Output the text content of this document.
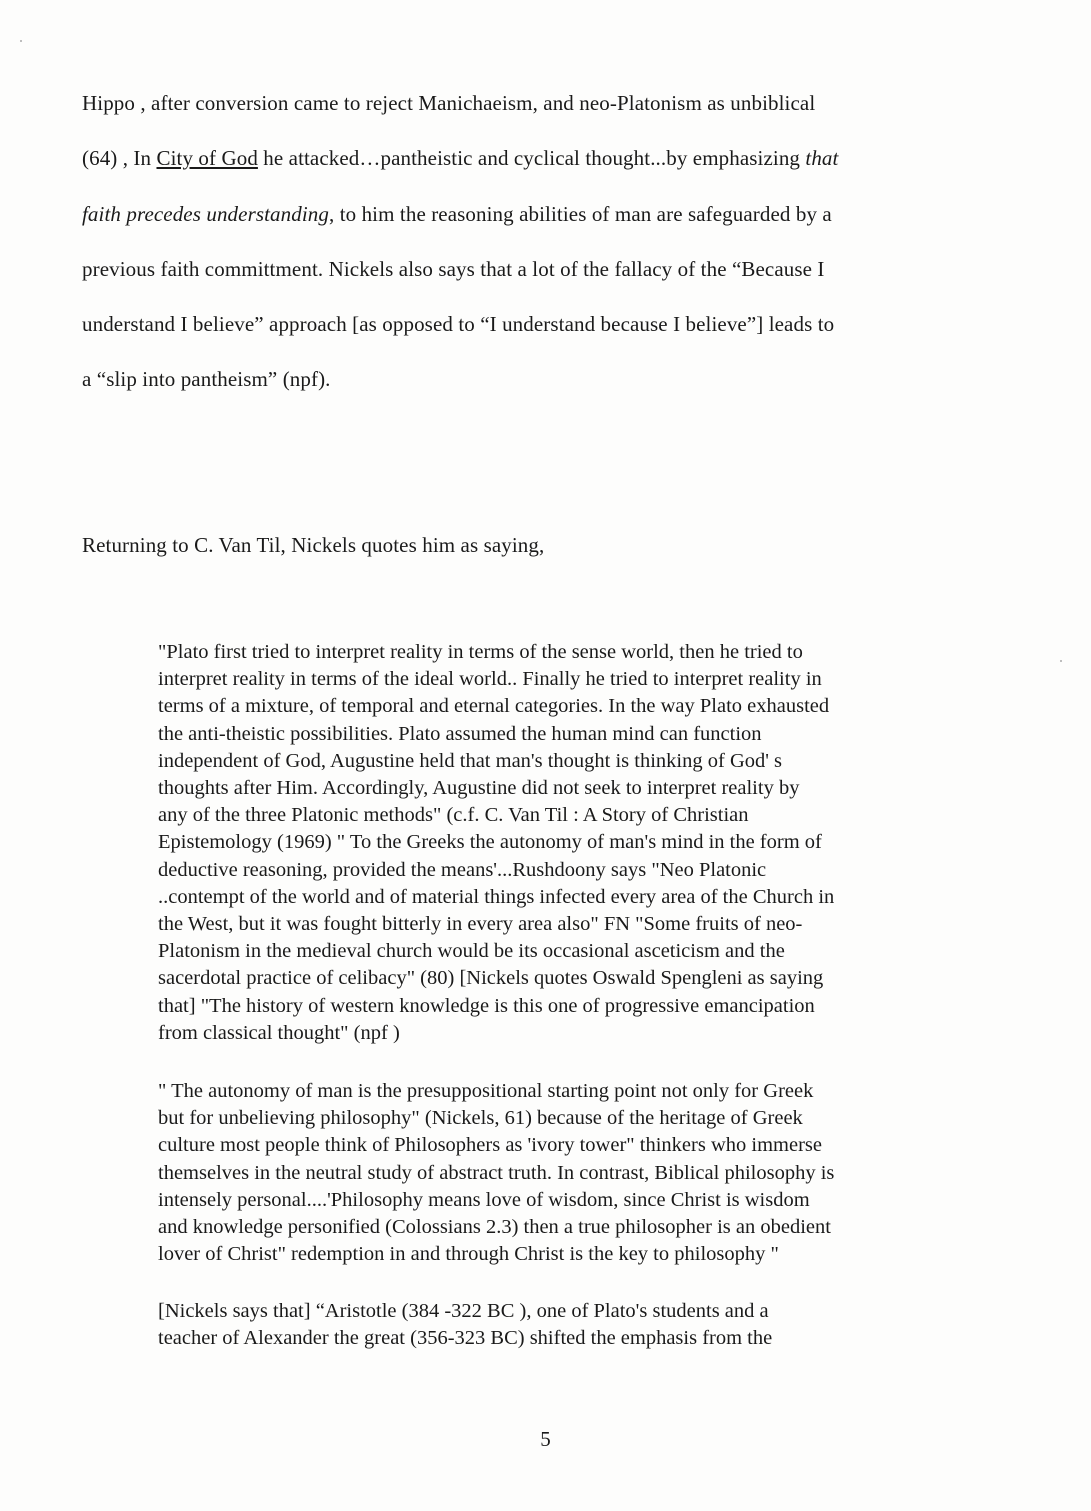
Hippo , after conversion came to reject Manichaeism, and neo-Platonism as unbiblical
(64) , In City of God he attacked…pantheistic and cyclical thought...by emphasizing that
faith precedes understanding, to him the reasoning abilities of man are safeguarded by a
previous faith committment. Nickels also says that a lot of the fallacy of the “Because I
understand I believe” approach [as opposed to “I understand because I believe”] leads to
a “slip into pantheism” (npf).
Returning to C. Van Til, Nickels quotes him as saying,
"Plato first tried to interpret reality in terms of the sense world, then he tried to
interpret reality in terms of the ideal world.. Finally he tried to interpret reality in
terms of a mixture, of temporal and eternal categories. In the way Plato exhausted
the anti-theistic possibilities. Plato assumed the human mind can function
independent of God, Augustine held that man's thought is thinking of God' s
thoughts after Him. Accordingly, Augustine did not seek to interpret reality by
any of the three Platonic methods" (c.f. C. Van Til : A Story of Christian
Epistemology (1969) " To the Greeks the autonomy of man's mind in the form of
deductive reasoning, provided the means'...Rushdoony says "Neo Platonic
..contempt of the world and of material things infected every area of the Church in
the West, but it was fought bitterly in every area also" FN "Some fruits of neo-
Platonism in the medieval church would be its occasional asceticism and the
sacerdotal practice of celibacy" (80) [Nickels quotes Oswald Spengleni as saying
that] "The history of western knowledge is this one of progressive emancipation
from classical thought" (npf )
" The autonomy of man is the presuppositional starting point not only for Greek
but for unbelieving philosophy" (Nickels, 61) because of the heritage of Greek
culture most people think of Philosophers as 'ivory tower" thinkers who immerse
themselves in the neutral study of abstract truth. In contrast, Biblical philosophy is
intensely personal....'Philosophy means love of wisdom, since Christ is wisdom
and knowledge personified (Colossians 2.3) then a true philosopher is an obedient
lover of Christ" redemption in and through Christ is the key to philosophy "
[Nickels says that] “Aristotle (384 -322 BC ), one of Plato's students and a
teacher of Alexander the great (356-323 BC) shifted the emphasis from the
5
